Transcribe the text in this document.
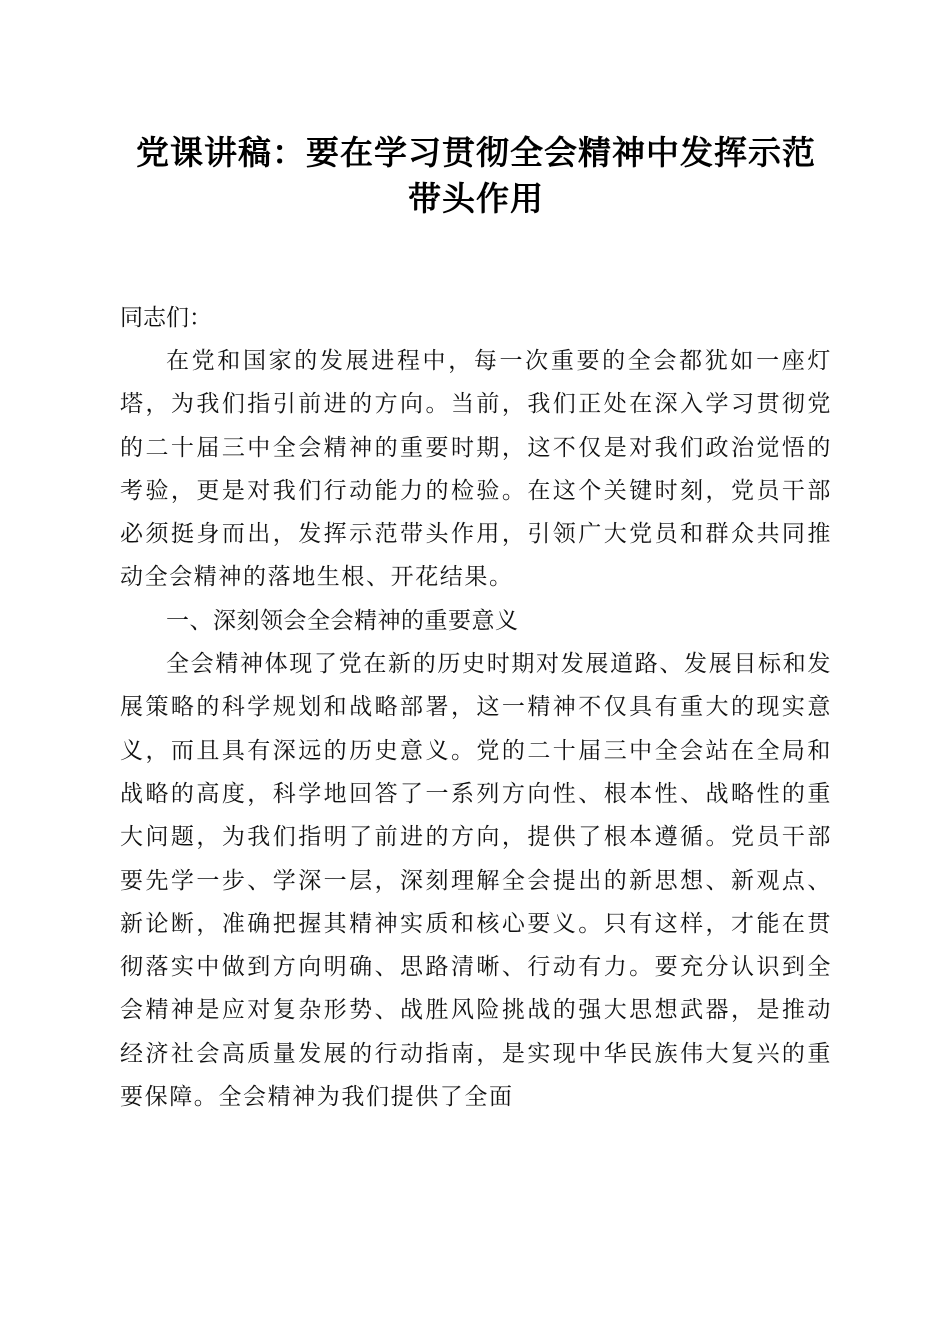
党课讲稿：要在学习贯彻全会精神中发挥示范
带头作用

同志们：

在党和国家的发展进程中，每一次重要的全会都犹如一座灯塔，为我们指引前进的方向。当前，我们正处在深入学习贯彻党的二十届三中全会精神的重要时期，这不仅是对我们政治觉悟的考验，更是对我们行动能力的检验。在这个关键时刻，党员干部必须挺身而出，发挥示范带头作用，引领广大党员和群众共同推动全会精神的落地生根、开花结果。

一、深刻领会全会精神的重要意义

全会精神体现了党在新的历史时期对发展道路、发展目标和发展策略的科学规划和战略部署，这一精神不仅具有重大的现实意义，而且具有深远的历史意义。党的二十届三中全会站在全局和战略的高度，科学地回答了一系列方向性、根本性、战略性的重大问题，为我们指明了前进的方向，提供了根本遵循。党员干部要先学一步、学深一层，深刻理解全会提出的新思想、新观点、新论断，准确把握其精神实质和核心要义。只有这样，才能在贯彻落实中做到方向明确、思路清晰、行动有力。要充分认识到全会精神是应对复杂形势、战胜风险挑战的强大思想武器，是推动经济社会高质量发展的行动指南，是实现中华民族伟大复兴的重要保障。全会精神为我们提供了全面
